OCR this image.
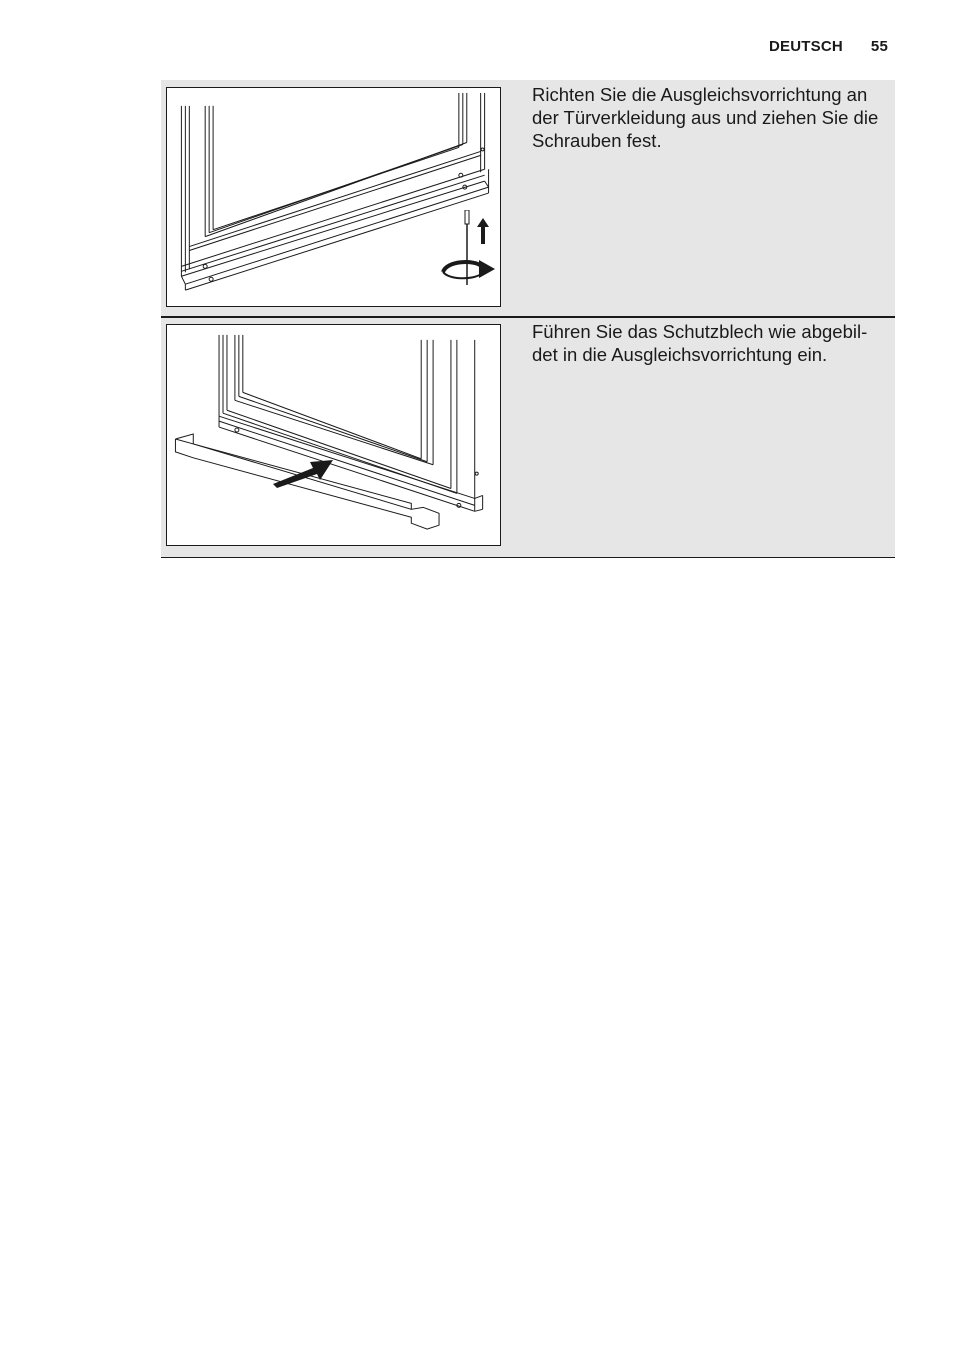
DEUTSCH 55

Richten Sie die Ausgleichsvorrichtung an der Türverkleidung aus und ziehen Sie die Schrauben fest.

Führen Sie das Schutzblech wie abgebil-det in die Ausgleichsvorrichtung ein.
